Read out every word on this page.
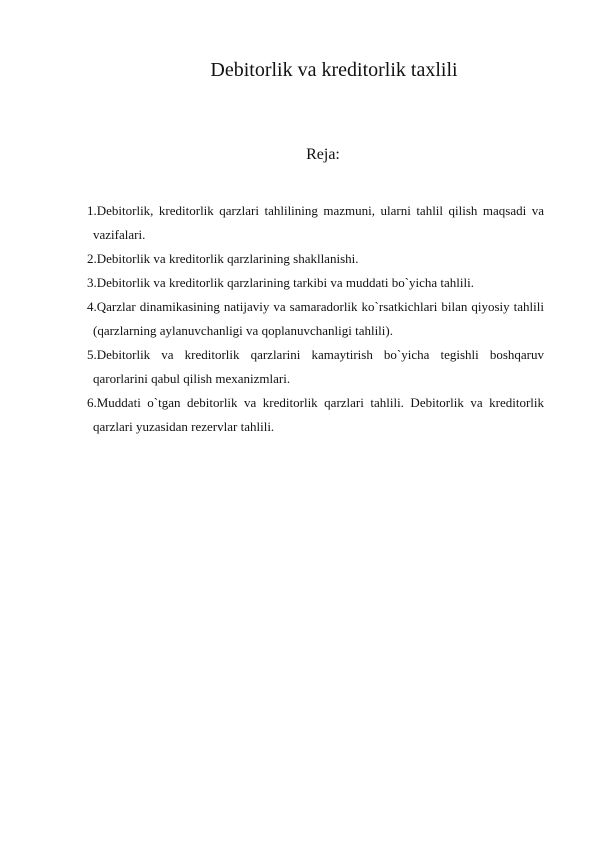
Debitorlik va kreditorlik taxlili
Reja:
1.Debitorlik, kreditorlik qarzlari tahlilining mazmuni, ularni tahlil qilish maqsadi va vazifalari.
2.Debitorlik va kreditorlik qarzlarining shakllanishi.
3.Debitorlik va kreditorlik qarzlarining tarkibi va muddati bo`yicha tahlili.
4.Qarzlar dinamikasining natijaviy va samaradorlik ko`rsatkichlari bilan qiyosiy tahlili (qarzlarning aylanuvchanligi va qoplanuvchanligi tahlili).
5.Debitorlik va kreditorlik qarzlarini kamaytirish bo`yicha tegishli boshqaruv qarorlarini qabul qilish mexanizmlari.
6.Muddati o`tgan debitorlik va kreditorlik qarzlari tahlili. Debitorlik va kreditorlik qarzlari yuzasidan rezervlar tahlili.
